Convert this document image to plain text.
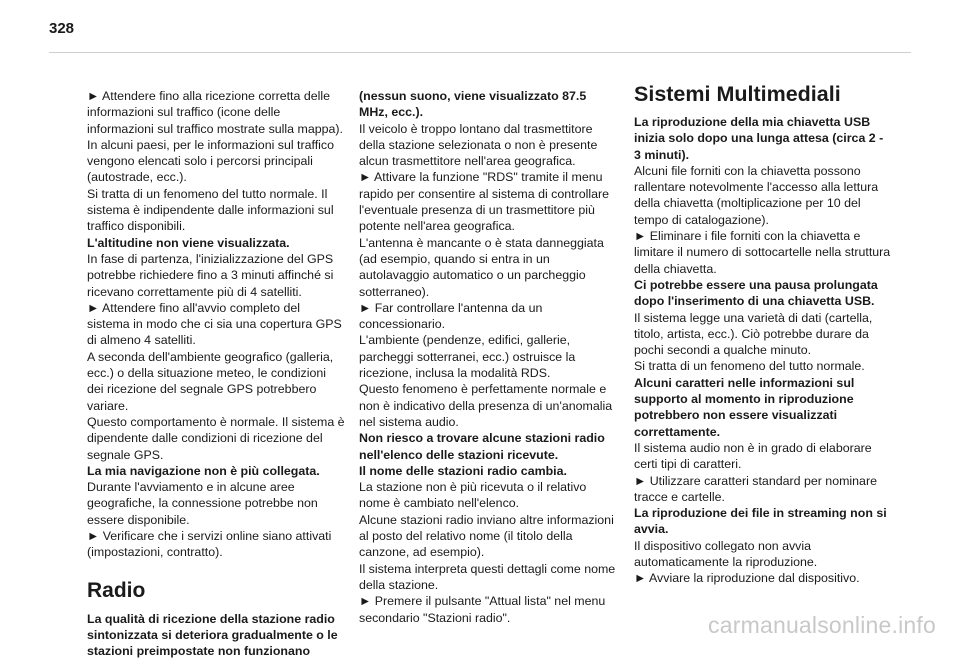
328

► Attendere fino alla ricezione corretta delle informazioni sul traffico (icone delle informazioni sul traffico mostrate sulla mappa).

In alcuni paesi, per le informazioni sul traffico vengono elencati solo i percorsi principali (autostrade, ecc.).

Si tratta di un fenomeno del tutto normale. Il sistema è indipendente dalle informazioni sul traffico disponibili.

L'altitudine non viene visualizzata.

In fase di partenza, l'inizializzazione del GPS potrebbe richiedere fino a 3 minuti affinché si ricevano correttamente più di 4 satelliti.

► Attendere fino all'avvio completo del sistema in modo che ci sia una copertura GPS di almeno 4 satelliti.

A seconda dell'ambiente geografico (galleria, ecc.) o della situazione meteo, le condizioni dei ricezione del segnale GPS potrebbero variare.

Questo comportamento è normale. Il sistema è dipendente dalle condizioni di ricezione del segnale GPS.

La mia navigazione non è più collegata.

Durante l'avviamento e in alcune aree geografiche, la connessione potrebbe non essere disponibile.

► Verificare che i servizi online siano attivati (impostazioni, contratto).

Radio

La qualità di ricezione della stazione radio sintonizzata si deteriora gradualmente o le stazioni preimpostate non funzionano

(nessun suono, viene visualizzato 87.5 MHz, ecc.).

Il veicolo è troppo lontano dal trasmettitore della stazione selezionata o non è presente alcun trasmettitore nell'area geografica.

► Attivare la funzione "RDS" tramite il menu rapido per consentire al sistema di controllare l'eventuale presenza di un trasmettitore più potente nell'area geografica.

L'antenna è mancante o è stata danneggiata (ad esempio, quando si entra in un autolavaggio automatico o un parcheggio sotterraneo).

► Far controllare l'antenna da un concessionario.

L'ambiente (pendenze, edifici, gallerie, parcheggi sotterranei, ecc.) ostruisce la ricezione, inclusa la modalità RDS.

Questo fenomeno è perfettamente normale e non è indicativo della presenza di un'anomalia nel sistema audio.

Non riesco a trovare alcune stazioni radio nell'elenco delle stazioni ricevute.

Il nome delle stazioni radio cambia.

La stazione non è più ricevuta o il relativo nome è cambiato nell'elenco.

Alcune stazioni radio inviano altre informazioni al posto del relativo nome (il titolo della canzone, ad esempio).

Il sistema interpreta questi dettagli come nome della stazione.

► Premere il pulsante "Attual lista" nel menu secondario "Stazioni radio".

Sistemi Multimediali

La riproduzione della mia chiavetta USB inizia solo dopo una lunga attesa (circa 2 - 3 minuti).

Alcuni file forniti con la chiavetta possono rallentare notevolmente l'accesso alla lettura della chiavetta (moltiplicazione per 10 del tempo di catalogazione).

► Eliminare i file forniti con la chiavetta e limitare il numero di sottocartelle nella struttura della chiavetta.

Ci potrebbe essere una pausa prolungata dopo l'inserimento di una chiavetta USB.

Il sistema legge una varietà di dati (cartella, titolo, artista, ecc.). Ciò potrebbe durare da pochi secondi a qualche minuto.

Si tratta di un fenomeno del tutto normale.

Alcuni caratteri nelle informazioni sul supporto al momento in riproduzione potrebbero non essere visualizzati correttamente.

Il sistema audio non è in grado di elaborare certi tipi di caratteri.

► Utilizzare caratteri standard per nominare tracce e cartelle.

La riproduzione dei file in streaming non si avvia.

Il dispositivo collegato non avvia automaticamente la riproduzione.

► Avviare la riproduzione dal dispositivo.

carmanualsonline.info
